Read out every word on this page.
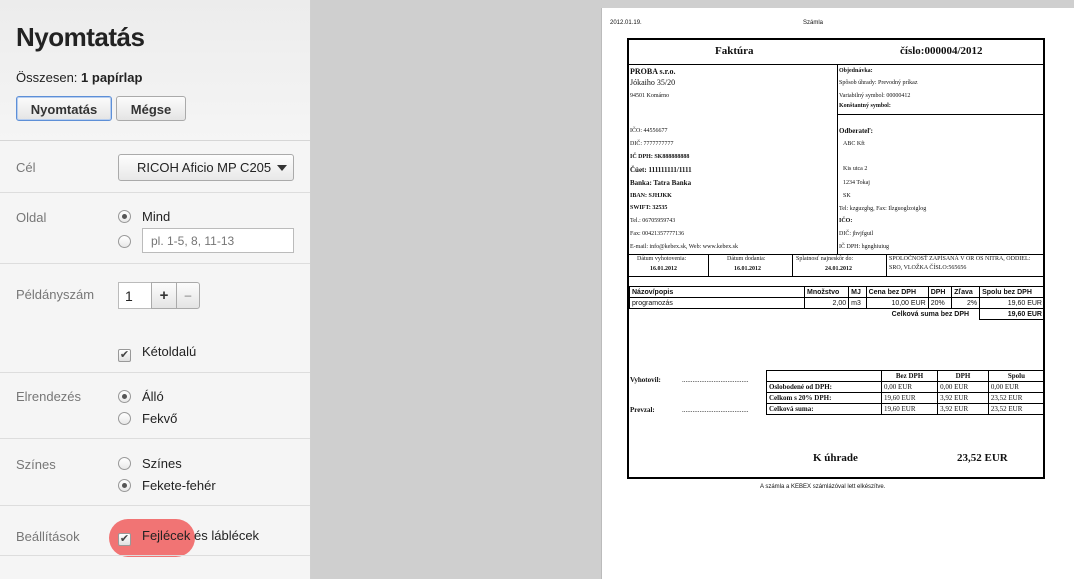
Nyomtatás
Összesen: 1 papírlap
Nyomtatás	Mégse
Cél	RICOH Aficio MP C205
Oldal	Mind
pl. 1-5, 8, 11-13
Példányszám
1	+	–
✔ Kétoldalú
Elrendezés	Álló
Fekvő
Színes	Színes
Fekete-fehér
Beállítások	✔ Fejlécek és láblécek
2012.01.19.	Számla
Faktúra	číslo:000004/2012
PROBA s.r.o.
Jókaiho 35/20
94501 Komárno
Objednávka:
Spôsob úhrady: Prevodný príkaz
Variabilný symbol: 00000412
Konštantný symbol:
IČO: 44556677
DIČ: 7777777777
IČ DPH: SK888888888
Čúet: 111111111/1111
Banka: Tatra Banka
IBAN: SJHJKK
SWIFT: 32535
Tel.: 06705959743
Fax: 00421357777136
E-mail: info@kebex.sk, Web: www.kebex.sk
Odberateľ:
ABC Kft
Kis utca 2
1234 Tokaj
SK
Tel: kzguzghg, Fax: Ilzguoglzoiglog
IČO:
DIČ: jhvjfguil
IČ DPH: hgnghiuiug
Dátum vyhotovenia:
16.01.2012
Dátum dodania:
16.01.2012
Splatnosť najneskôr do:
24.01.2012
SPOLOČNOSŤ ZAPÍSANÁ V OR OS NITRA, ODDIEL: SRO, VLOŽKA ČÍSLO:565656
Názov/popis	Množstvo	MJ	Cena bez DPH	DPH	Zľava	Spolu bez DPH
programozás	2,00	m3	10,00 EUR	20%	2%	19,60 EUR
Celková suma bez DPH						19,60 EUR
Vyhotovil:	......................................
Prevzal:	......................................
	Bez DPH	DPH	Spolu
Oslobodené od DPH:	0,00 EUR	0,00 EUR	0,00 EUR
Celkom s 20% DPH:	19,60 EUR	3,92 EUR	23,52 EUR
Celková suma:	19,60 EUR	3,92 EUR	23,52 EUR
K úhrade	23,52 EUR
A számla a KEBEX számlázóval lett elkészítve.
